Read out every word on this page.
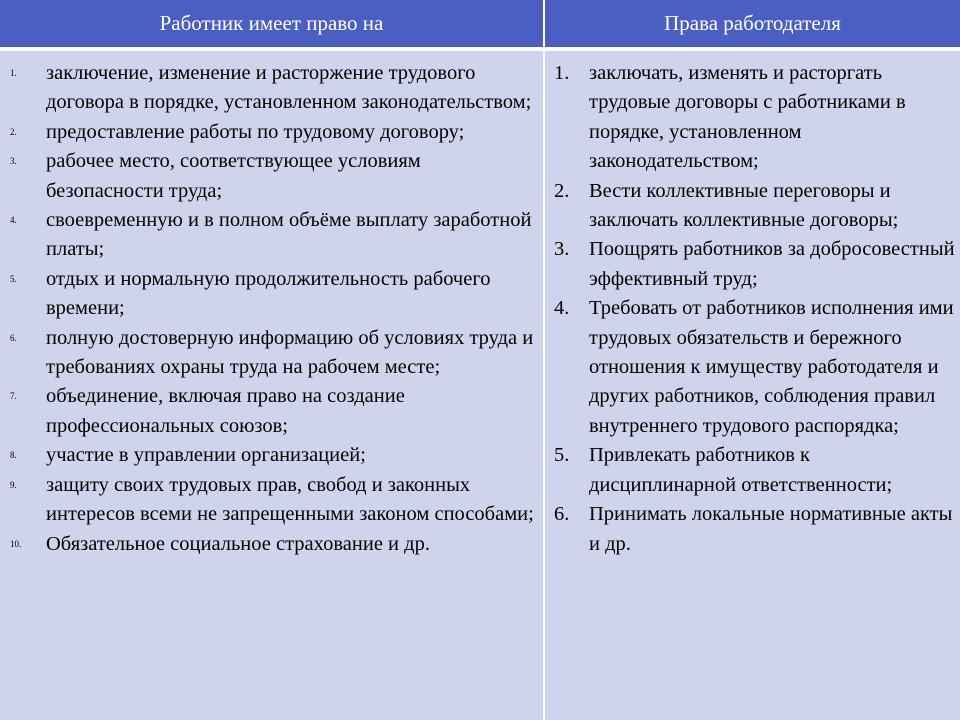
Работник имеет право на	Права работодателя
1. заключение, изменение и расторжение трудового договора в порядке, установленном законодательством;
2. предоставление работы по трудовому договору;
3. рабочее место, соответствующее условиям безопасности труда;
4. своевременную и в полном объёме выплату заработной платы;
5. отдых и нормальную продолжительность рабочего времени;
6. полную достоверную информацию об условиях труда и требованиях охраны труда на рабочем месте;
7. объединение, включая право на создание профессиональных союзов;
8. участие в управлении организацией;
9. защиту своих трудовых прав, свобод и законных интересов всеми не запрещенными законом способами;
10. Обязательное социальное страхование и др.
1. заключать, изменять и расторгать трудовые договоры с работниками в порядке, установленном законодательством;
2. Вести коллективные переговоры и заключать коллективные договоры;
3. Поощрять работников за добросовестный эффективный труд;
4. Требовать от работников исполнения ими трудовых обязательств и бережного отношения к имуществу работодателя и других работников, соблюдения правил внутреннего трудового распорядка;
5. Привлекать работников к дисциплинарной ответственности;
6. Принимать локальные нормативные акты и др.
